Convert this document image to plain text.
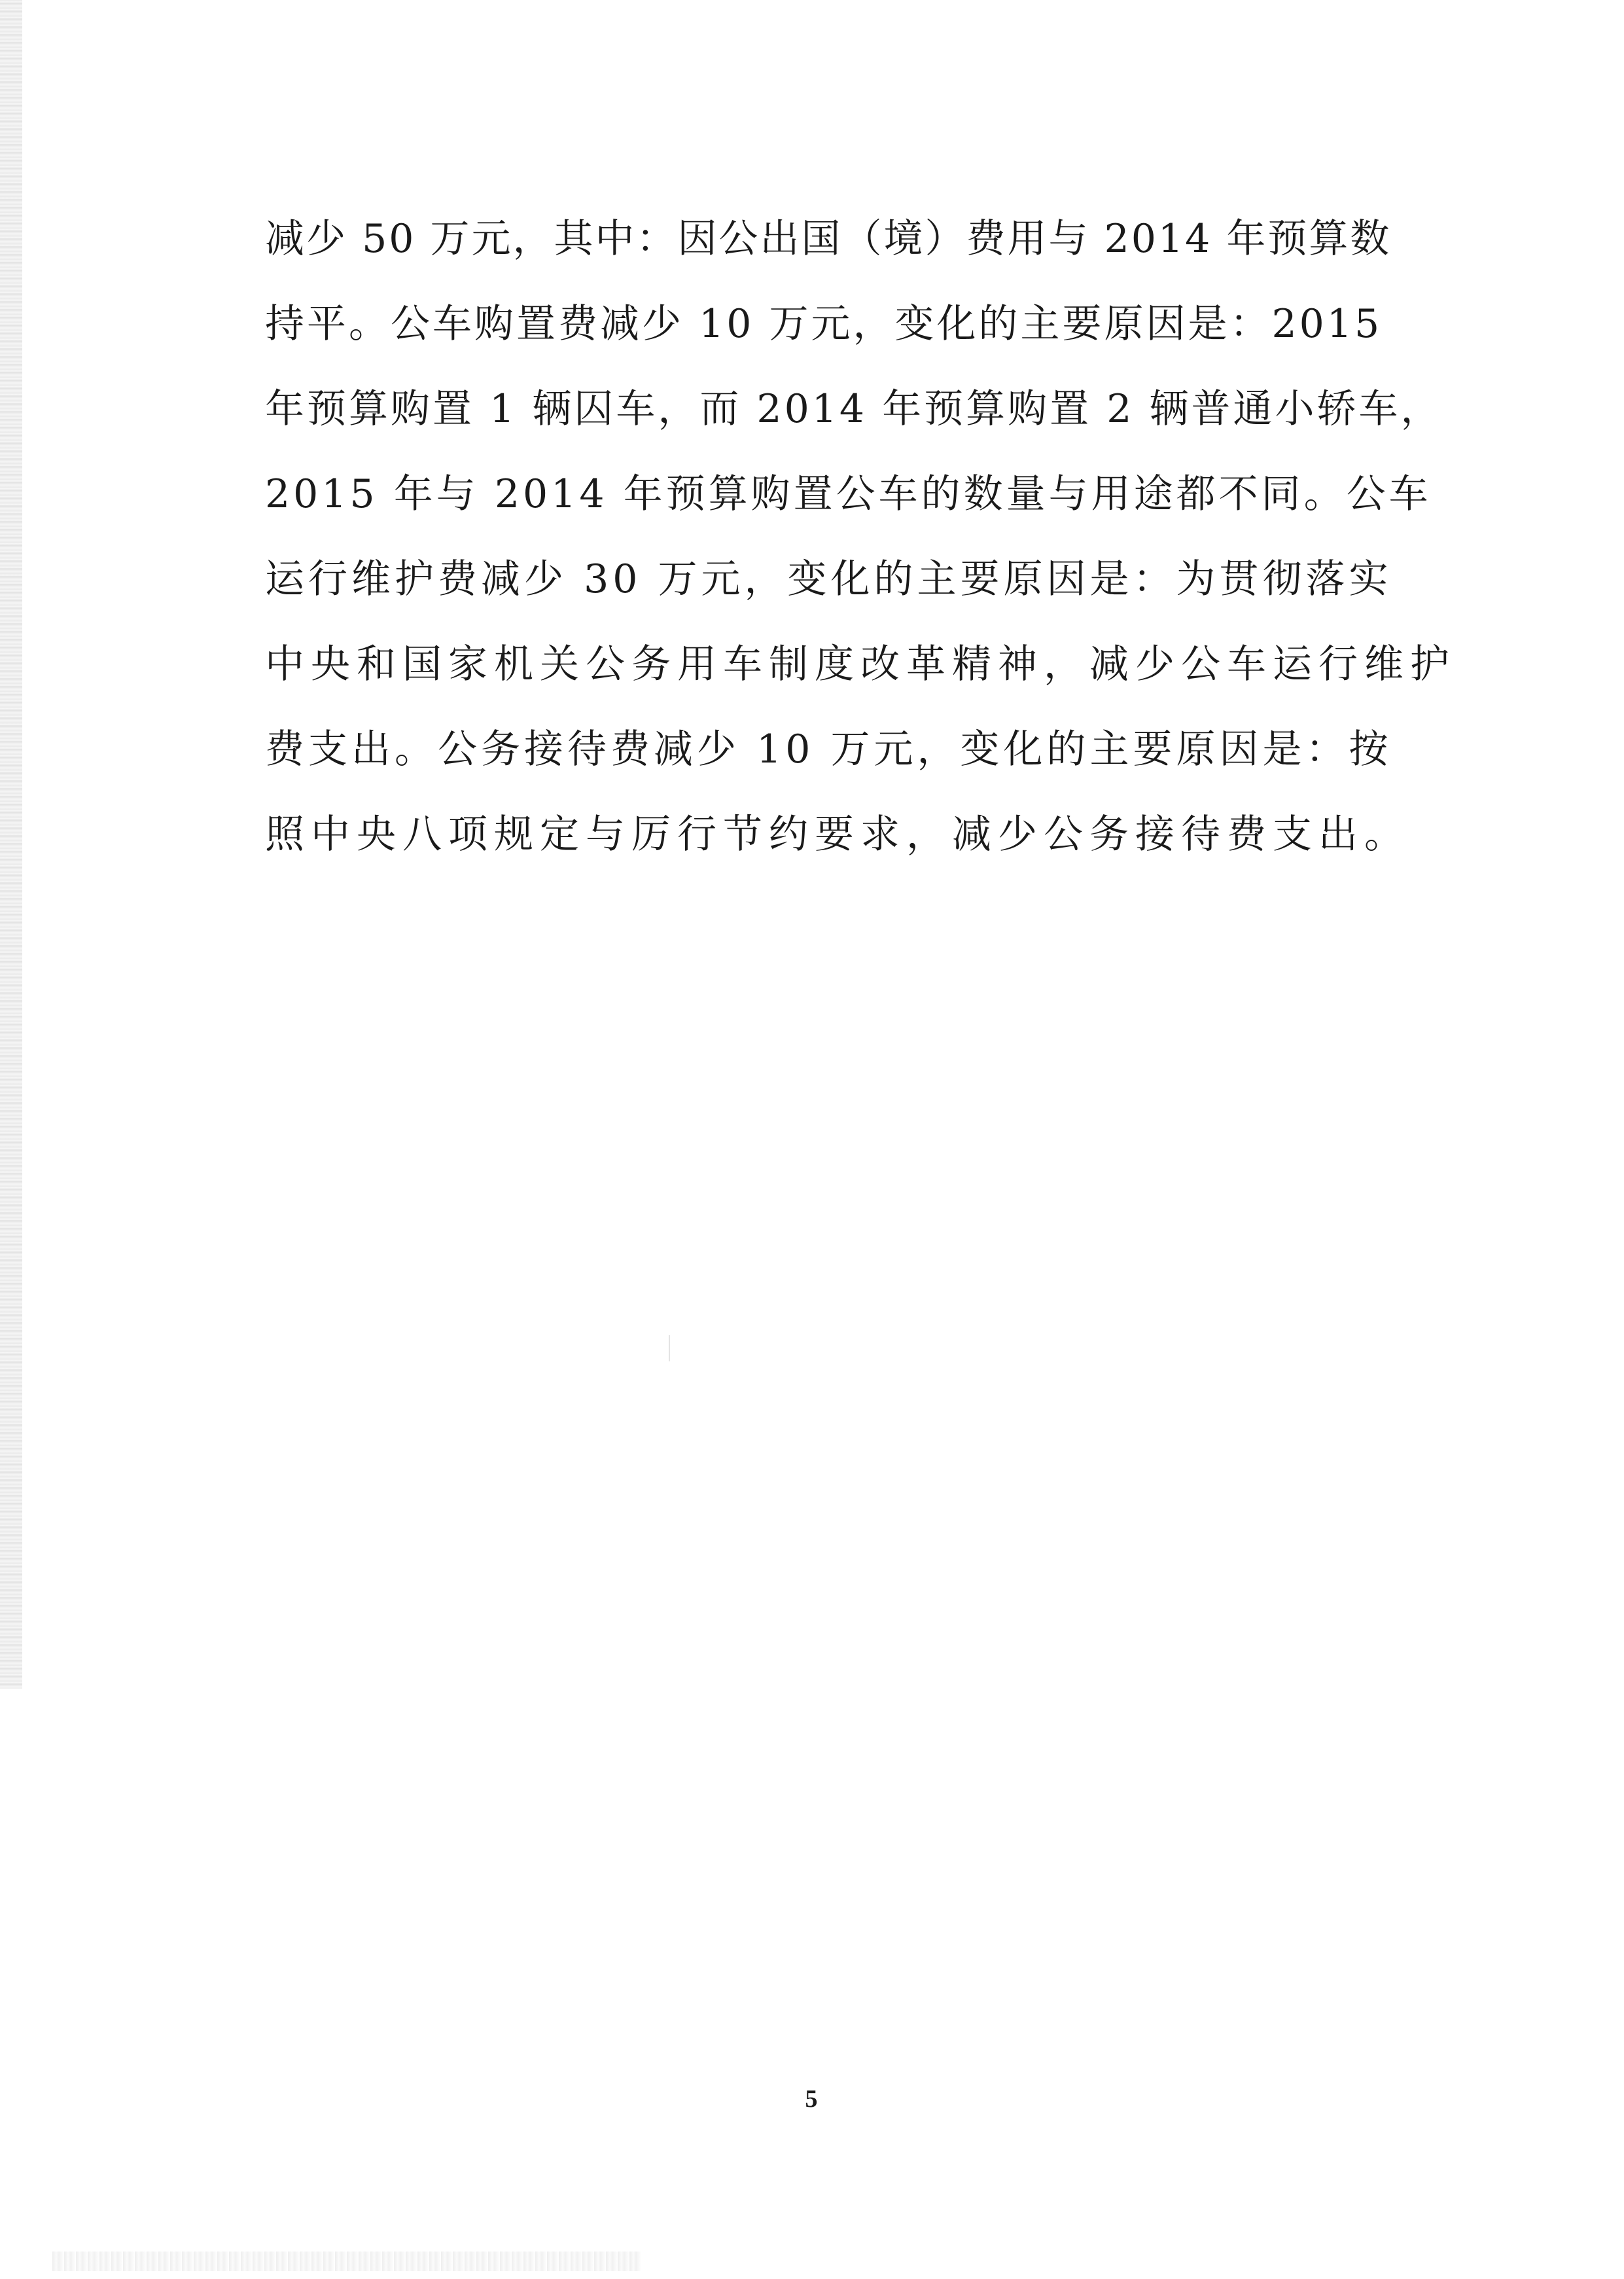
减少 50 万元，其中：因公出国（境）费用与 2014 年预算数
持平。公车购置费减少 10 万元，变化的主要原因是：2015
年预算购置 1 辆囚车，而 2014 年预算购置 2 辆普通小轿车，
2015 年与 2014 年预算购置公车的数量与用途都不同。公车
运行维护费减少 30 万元，变化的主要原因是：为贯彻落实
中央和国家机关公务用车制度改革精神，减少公车运行维护
费支出。公务接待费减少 10 万元，变化的主要原因是：按
照中央八项规定与厉行节约要求，减少公务接待费支出。
5
